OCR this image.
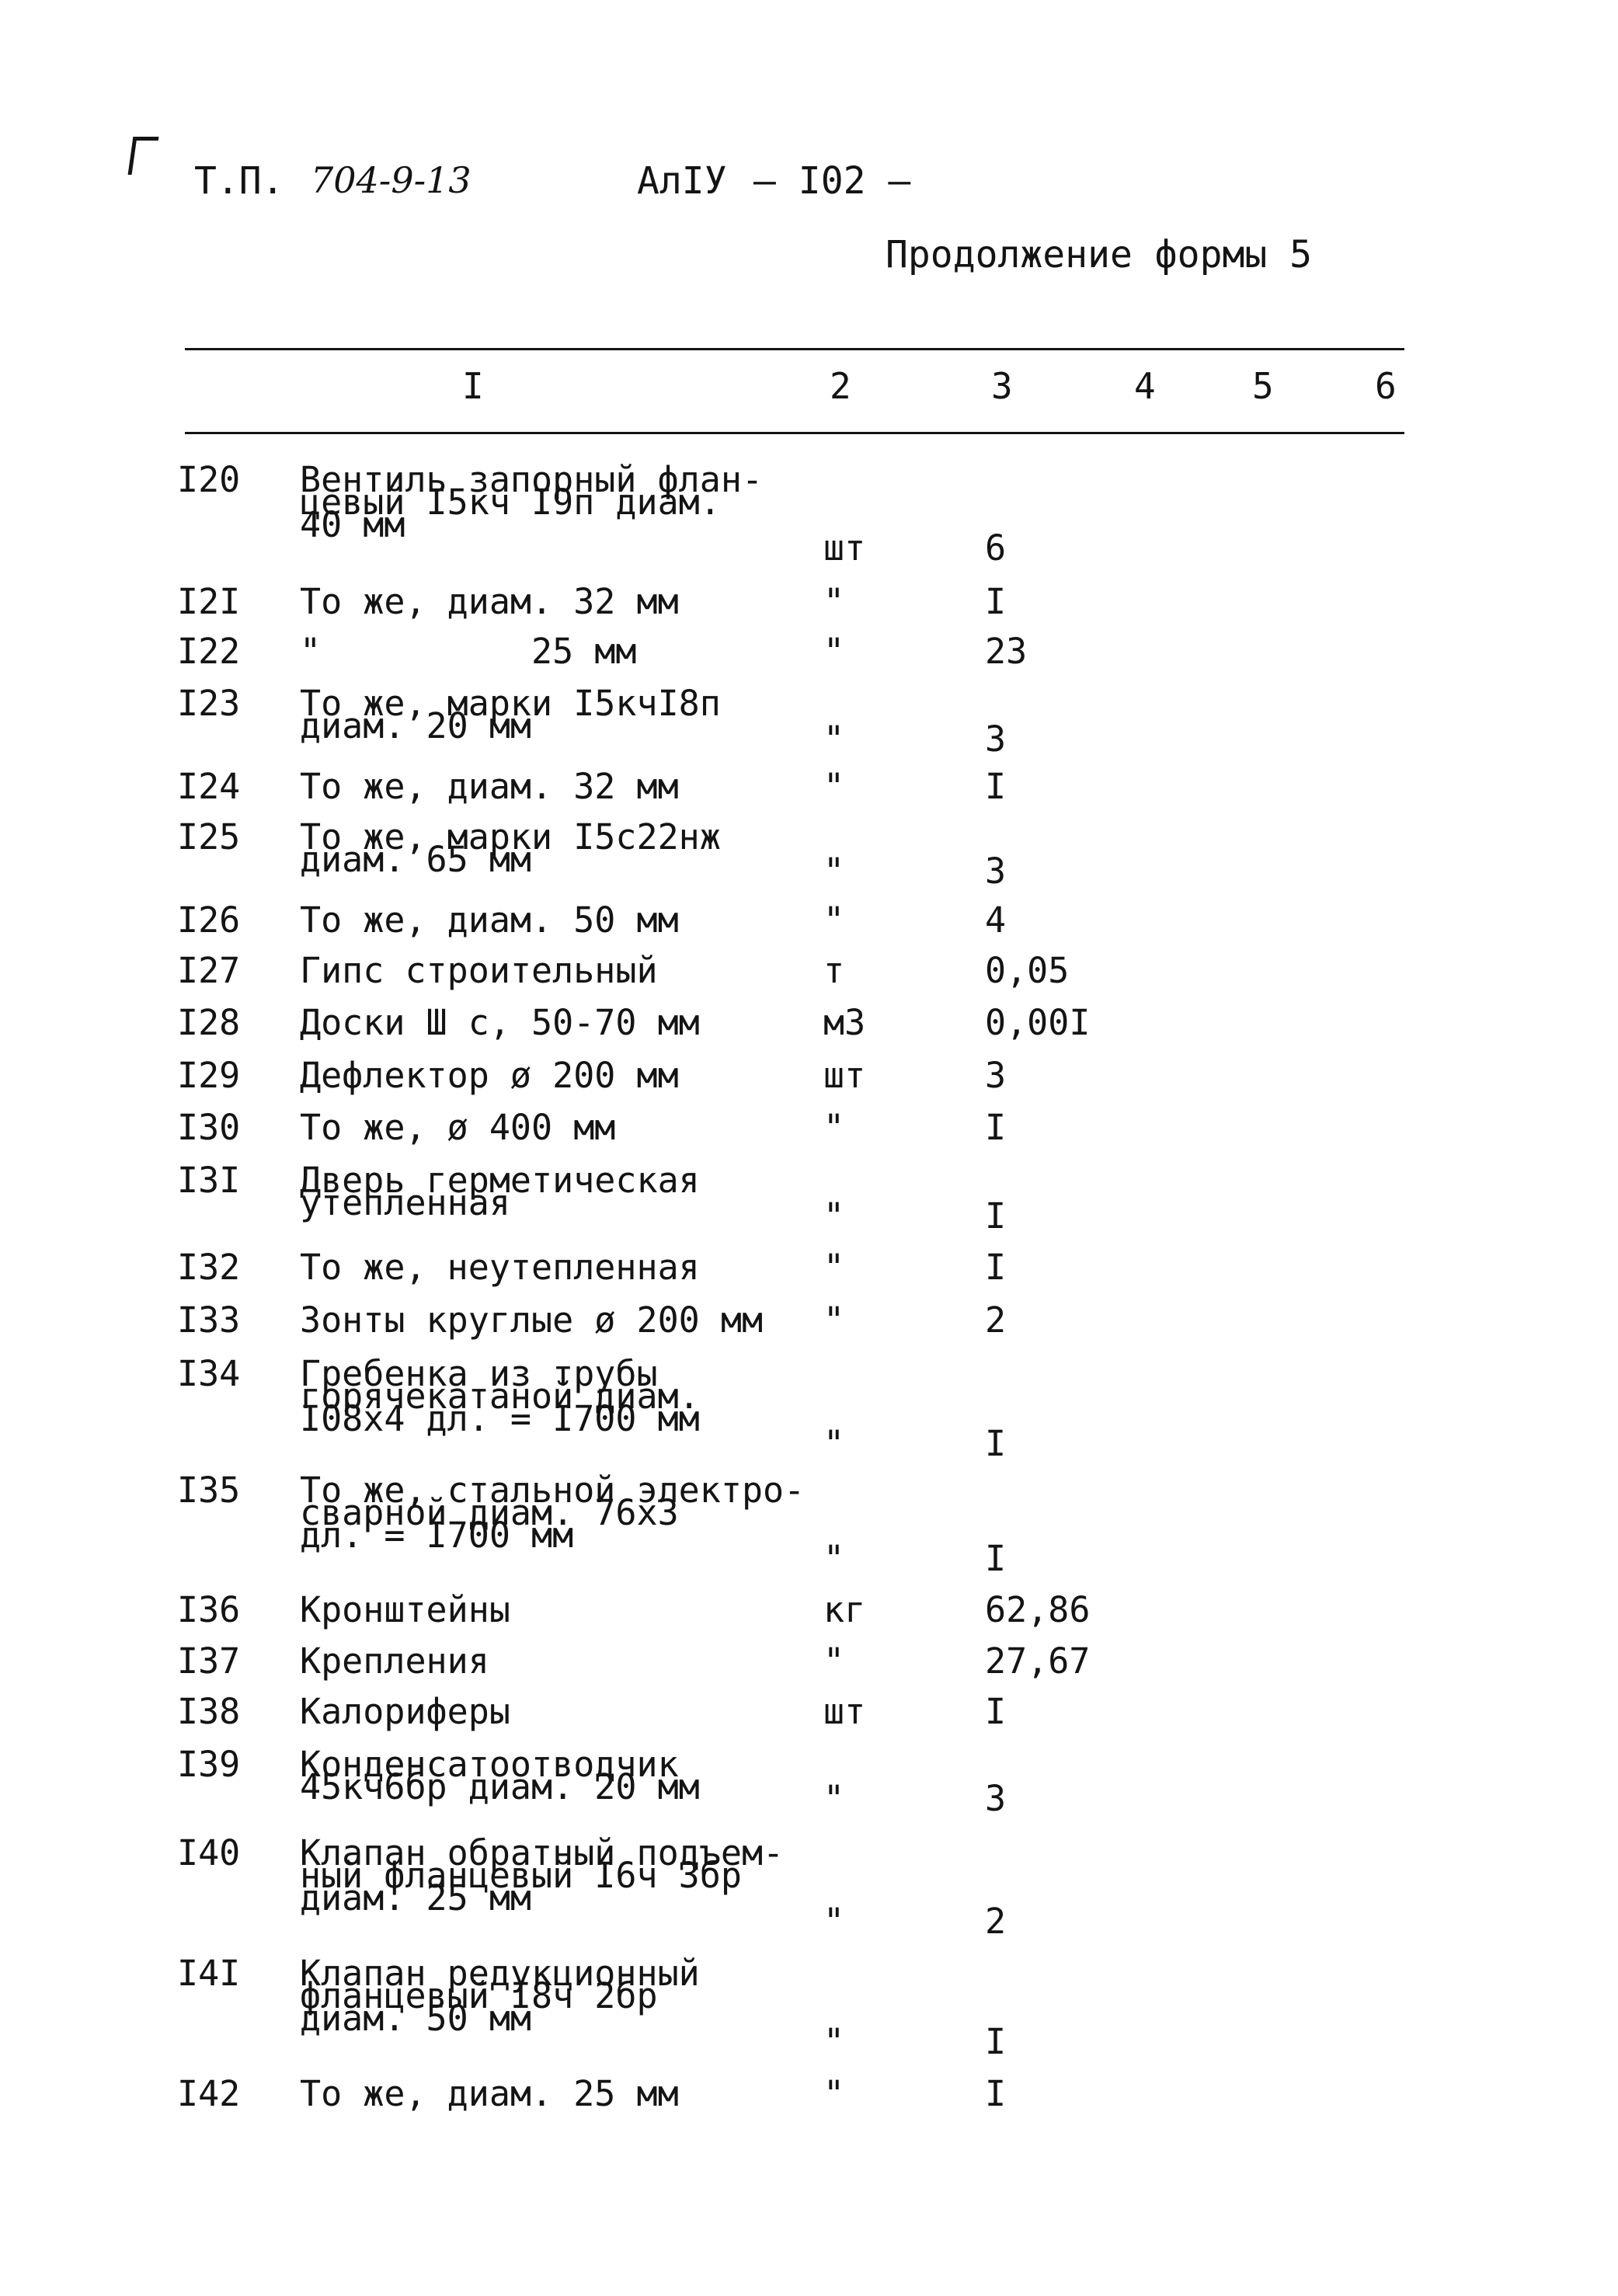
Т.П. 704-9-13	АлIУ — I02 —
Продолжение формы 5
I	2	3	4	5	6
I20 Вентиль запорный флан-
цевый I5кч I9п диам.
40 мм
шт	6
I2I То же, диам. 32 мм	"	I
I22 "          25 мм	"	23
I23 То же, марки I5кчI8п
диам. 20 мм	"	3
I24 То же, диам. 32 мм	"	I
I25 То же, марки I5с22нж
диам. 65 мм	"	3
I26 То же, диам. 50 мм	"	4
I27 Гипс строительный	т	0,05
I28 Доски Ш с, 50-70 мм	м3	0,00I
I29 Дефлектор ø 200 мм	шт	3
I30 То же, ø 400 мм	"	I
I3I Дверь герметическая
утепленная	"	I
I32 То же, неутепленная	"	I
I33 Зонты круглые ø 200 мм "	2
I34 Гребенка из трубы
горячекатаной диам.
I08х4 дл. = I700 мм
"	I
I35 То же, стальной электро-
сварной диам. 76х3
дл. = I700 мм
"	I
I36 Кронштейны	кг	62,86
I37 Крепления	"	27,67
I38 Калориферы	шт	I
I39 Конденсатоотводчик
45кч6бр диам. 20 мм	"	3
I40 Клапан обратный подъем-
ный фланцевый I6ч 3бр
диам. 25 мм
"	2
I4I Клапан редукционный
фланцевый I8ч 2бр
диам. 50 мм
"	I
I42 То же, диам. 25 мм	"	I
